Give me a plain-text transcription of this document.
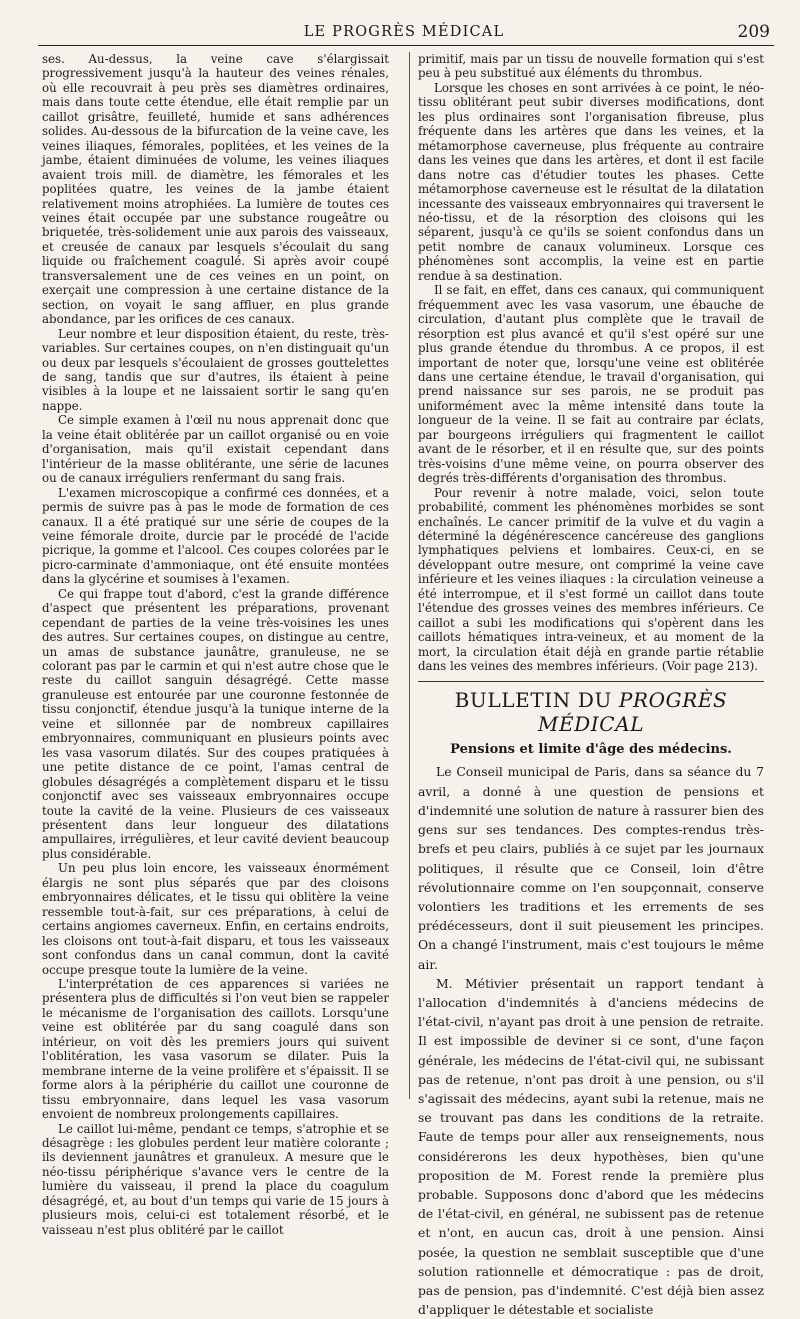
LE PROGRÈS MÉDICAL	209

ses. Au-dessus, la veine cave s'élargissait progressivement jusqu'à la hauteur des veines rénales, où elle recouvrait à peu près ses diamètres ordinaires, mais dans toute cette étendue, elle était remplie par un caillot grisâtre, feuilleté, humide et sans adhérences solides. Au-dessous de la bifurcation de la veine cave, les veines iliaques, fémorales, poplitées, et les veines de la jambe, étaient diminuées de volume, les veines iliaques avaient trois mill. de diamètre, les fémorales et les poplitées quatre, les veines de la jambe étaient relativement moins atrophiées. La lumière de toutes ces veines était occupée par une substance rougeâtre ou briquetée, très-solidement unie aux parois des vaisseaux, et creusée de canaux par lesquels s'écoulait du sang liquide ou fraîchement coagulé. Si après avoir coupé transversalement une de ces veines en un point, on exerçait une compression à une certaine distance de la section, on voyait le sang affluer, en plus grande abondance, par les orifices de ces canaux.

Leur nombre et leur disposition étaient, du reste, très-variables. Sur certaines coupes, on n'en distinguait qu'un ou deux par lesquels s'écoulaient de grosses gouttelettes de sang, tandis que sur d'autres, ils étaient à peine visibles à la loupe et ne laissaient sortir le sang qu'en nappe.

Ce simple examen à l'œil nu nous apprenait donc que la veine était oblitérée par un caillot organisé ou en voie d'organisation, mais qu'il existait cependant dans l'intérieur de la masse oblitérante, une série de lacunes ou de canaux irréguliers renfermant du sang frais.

L'examen microscopique a confirmé ces données, et a permis de suivre pas à pas le mode de formation de ces canaux. Il a été pratiqué sur une série de coupes de la veine fémorale droite, durcie par le procédé de l'acide picrique, la gomme et l'alcool. Ces coupes colorées par le picro-carminate d'ammoniaque, ont été ensuite montées dans la glycérine et soumises à l'examen.

Ce qui frappe tout d'abord, c'est la grande différence d'aspect que présentent les préparations, provenant cependant de parties de la veine très-voisines les unes des autres. Sur certaines coupes, on distingue au centre, un amas de substance jaunâtre, granuleuse, ne se colorant pas par le carmin et qui n'est autre chose que le reste du caillot sanguin désagrégé. Cette masse granuleuse est entourée par une couronne festonnée de tissu conjonctif, étendue jusqu'à la tunique interne de la veine et sillonnée par de nombreux capillaires embryonnaires, communiquant en plusieurs points avec les vasa vasorum dilatés. Sur des coupes pratiquées à une petite distance de ce point, l'amas central de globules désagrégés a complètement disparu et le tissu conjonctif avec ses vaisseaux embryonnaires occupe toute la cavité de la veine. Plusieurs de ces vaisseaux présentent dans leur longueur des dilatations ampullaires, irrégulières, et leur cavité devient beaucoup plus considérable.

Un peu plus loin encore, les vaisseaux énormément élargis ne sont plus séparés que par des cloisons embryonnaires délicates, et le tissu qui oblitère la veine ressemble tout-à-fait, sur ces préparations, à celui de certains angiomes caverneux. Enfin, en certains endroits, les cloisons ont tout-à-fait disparu, et tous les vaisseaux sont confondus dans un canal commun, dont la cavité occupe presque toute la lumière de la veine.

L'interprétation de ces apparences si variées ne présentera plus de difficultés si l'on veut bien se rappeler le mécanisme de l'organisation des caillots. Lorsqu'une veine est oblitérée par du sang coagulé dans son intérieur, on voit dès les premiers jours qui suivent l'oblitération, les vasa vasorum se dilater. Puis la membrane interne de la veine prolifère et s'épaissit. Il se forme alors à la périphérie du caillot une couronne de tissu embryonnaire, dans lequel les vasa vasorum envoient de nombreux prolongements capillaires.

Le caillot lui-même, pendant ce temps, s'atrophie et se désagrège : les globules perdent leur matière colorante ; ils deviennent jaunâtres et granuleux. A mesure que le néo-tissu périphérique s'avance vers le centre de la lumière du vaisseau, il prend la place du coagulum désagrégé, et, au bout d'un temps qui varie de 15 jours à plusieurs mois, celui-ci est totalement résorbé, et le vaisseau n'est plus oblitéré par le caillot

primitif, mais par un tissu de nouvelle formation qui s'est peu à peu substitué aux éléments du thrombus.

Lorsque les choses en sont arrivées à ce point, le néo-tissu oblitérant peut subir diverses modifications, dont les plus ordinaires sont l'organisation fibreuse, plus fréquente dans les artères que dans les veines, et la métamorphose caverneuse, plus fréquente au contraire dans les veines que dans les artères, et dont il est facile dans notre cas d'étudier toutes les phases. Cette métamorphose caverneuse est le résultat de la dilatation incessante des vaisseaux embryonnaires qui traversent le néo-tissu, et de la résorption des cloisons qui les séparent, jusqu'à ce qu'ils se soient confondus dans un petit nombre de canaux volumineux. Lorsque ces phénomènes sont accomplis, la veine est en partie rendue à sa destination.

Il se fait, en effet, dans ces canaux, qui communiquent fréquemment avec les vasa vasorum, une ébauche de circulation, d'autant plus complète que le travail de résorption est plus avancé et qu'il s'est opéré sur une plus grande étendue du thrombus. A ce propos, il est important de noter que, lorsqu'une veine est oblitérée dans une certaine étendue, le travail d'organisation, qui prend naissance sur ses parois, ne se produit pas uniformément avec la même intensité dans toute la longueur de la veine. Il se fait au contraire par éclats, par bourgeons irréguliers qui fragmentent le caillot avant de le résorber, et il en résulte que, sur des points très-voisins d'une même veine, on pourra observer des degrés très-différents d'organisation des thrombus.

Pour revenir à notre malade, voici, selon toute probabilité, comment les phénomènes morbides se sont enchaînés. Le cancer primitif de la vulve et du vagin a déterminé la dégénérescence cancéreuse des ganglions lymphatiques pelviens et lombaires. Ceux-ci, en se développant outre mesure, ont comprimé la veine cave inférieure et les veines iliaques : la circulation veineuse a été interrompue, et il s'est formé un caillot dans toute l'étendue des grosses veines des membres inférieurs. Ce caillot a subi les modifications qui s'opèrent dans les caillots hématiques intra-veineux, et au moment de la mort, la circulation était déjà en grande partie rétablie dans les veines des membres inférieurs. (Voir page 213).

BULLETIN DU PROGRÈS MÉDICAL
Pensions et limite d'âge des médecins.

Le Conseil municipal de Paris, dans sa séance du 7 avril, a donné à une question de pensions et d'indemnité une solution de nature à rassurer bien des gens sur ses tendances. Des comptes-rendus très-brefs et peu clairs, publiés à ce sujet par les journaux politiques, il résulte que ce Conseil, loin d'être révolutionnaire comme on l'en soupçonnait, conserve volontiers les traditions et les errements de ses prédécesseurs, dont il suit pieusement les principes. On a changé l'instrument, mais c'est toujours le même air.

M. Métivier présentait un rapport tendant à l'allocation d'indemnités à d'anciens médecins de l'état-civil, n'ayant pas droit à une pension de retraite. Il est impossible de deviner si ce sont, d'une façon générale, les médecins de l'état-civil qui, ne subissant pas de retenue, n'ont pas droit à une pension, ou s'il s'agissait des médecins, ayant subi la retenue, mais ne se trouvant pas dans les conditions de la retraite. Faute de temps pour aller aux renseignements, nous considérerons les deux hypothèses, bien qu'une proposition de M. Forest rende la première plus probable. Supposons donc d'abord que les médecins de l'état-civil, en général, ne subissent pas de retenue et n'ont, en aucun cas, droit à une pension. Ainsi posée, la question ne semblait susceptible que d'une solution rationnelle et démocratique : pas de droit, pas de pension, pas d'indemnité. C'est déjà bien assez d'appliquer le détestable et socialiste
